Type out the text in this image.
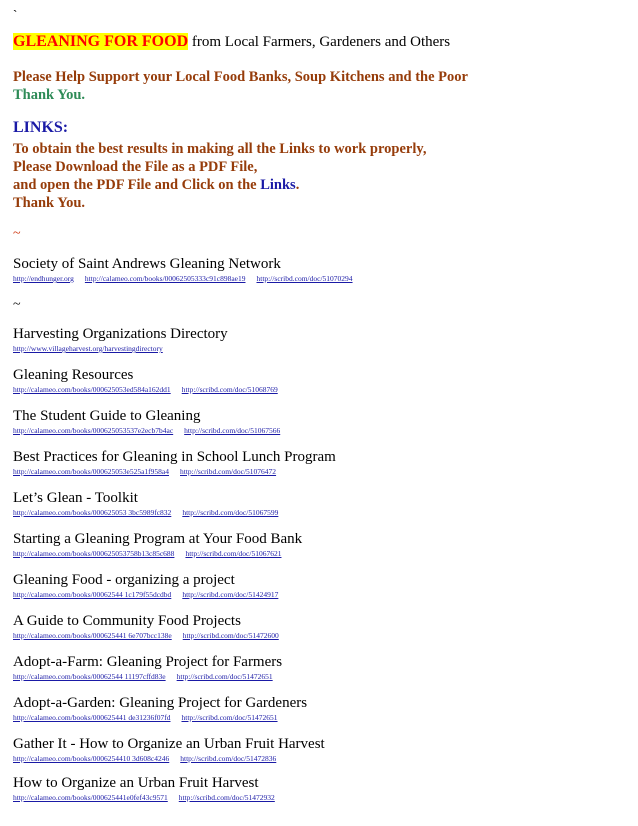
`
GLEANING FOR FOOD from Local Farmers, Gardeners and Others
Please Help Support your Local Food Banks, Soup Kitchens and the Poor
Thank You.
LINKS:
To obtain the best results in making all the Links to work properly,
Please Download the File as a PDF File,
and open the PDF File and Click on the Links.
Thank You.
~
~
Society of Saint Andrews Gleaning Network
http://endhunger.org http://calameo.com/books/00062505333c91c898ae19 http://scribd.com/doc/51070294
Harvesting Organizations Directory
http://www.villageharvest.org/harvestingdirectory
Gleaning Resources
http://calameo.com/books/000625053ed584a162dd1 http://scribd.com/doc/51068769
The Student Guide to Gleaning
http://calameo.com/books/000625053537e2ecb7b4ac http://scribd.com/doc/51067566
Best Practices for Gleaning in School Lunch Program
http://calameo.com/books/000625053e525a1f958a4 http://scribd.com/doc/51076472
Let’s Glean - Toolkit
http://calameo.com/books/000625053 3bc5989fc832 http://scribd.com/doc/51067599
Starting a Gleaning Program at Your Food Bank
http://calameo.com/books/000625053758b13c85c688 http://scribd.com/doc/51067621
Gleaning Food - organizing a project
http://calameo.com/books/00062544 1c179f55dcdbd http://scribd.com/doc/51424917
A Guide to Community Food Projects
http://calameo.com/books/000625441 6e707bcc138e http://scribd.com/doc/51472600
Adopt-a-Farm: Gleaning Project for Farmers
http://calameo.com/books/00062544 11197cffd83e http://scribd.com/doc/51472651
Adopt-a-Garden: Gleaning Project for Gardeners
http://calameo.com/books/000625441 de31236f07fd http://scribd.com/doc/51472651
Gather It - How to Organize an Urban Fruit Harvest
http://calameo.com/books/0006254410 3d608c4246 http://scribd.com/doc/51472836
How to Organize an Urban Fruit Harvest
http://calameo.com/books/000625441e0fef43c9571 http://scribd.com/doc/51472932
